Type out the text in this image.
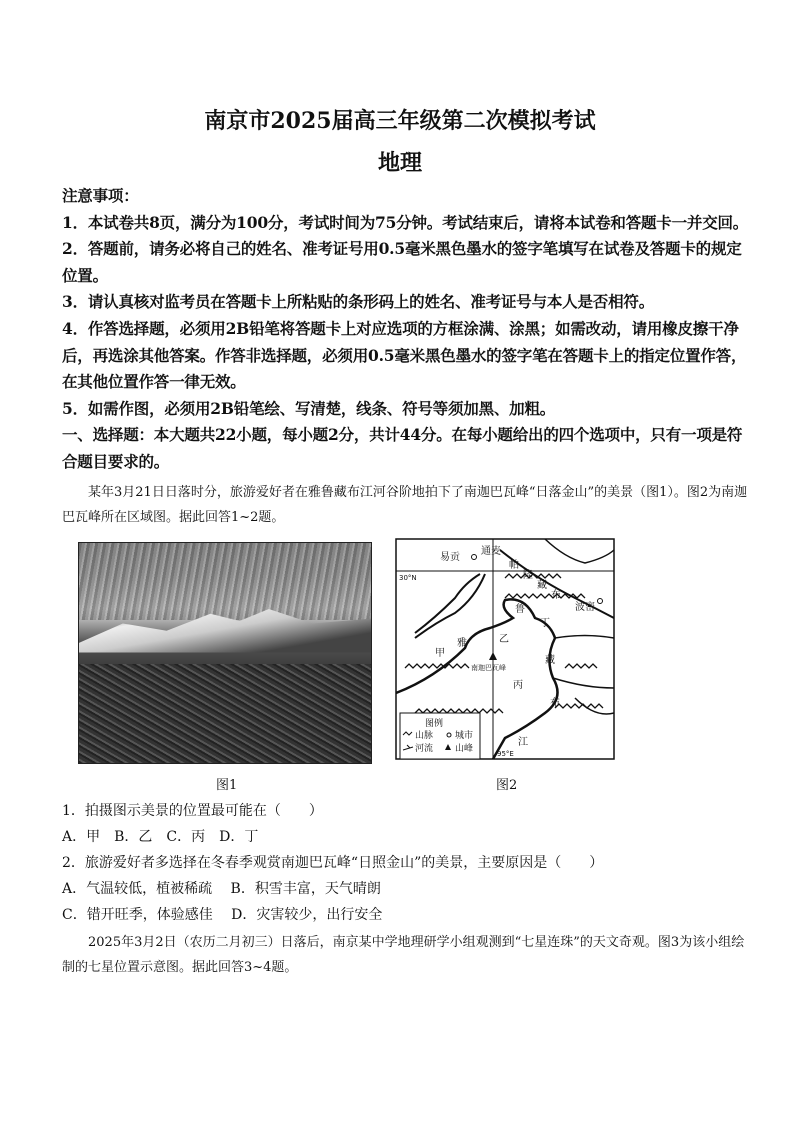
南京市2025届高三年级第二次模拟考试
地理
注意事项：
1．本试卷共8页，满分为100分，考试时间为75分钟。考试结束后，请将本试卷和答题卡一并交回。
2．答题前，请务必将自己的姓名、准考证号用0.5毫米黑色墨水的签字笔填写在试卷及答题卡的规定位置。
3．请认真核对监考员在答题卡上所粘贴的条形码上的姓名、准考证号与本人是否相符。
4．作答选择题，必须用2B铅笔将答题卡上对应选项的方框涂满、涂黑；如需改动，请用橡皮擦干净后，再选涂其他答案。作答非选择题，必须用0.5毫米黑色墨水的签字笔在答题卡上的指定位置作答，在其他位置作答一律无效。
5．如需作图，必须用2B铅笔绘、写清楚，线条、符号等须加黑、加粗。
一、选择题：本大题共22小题，每小题2分，共计44分。在每小题给出的四个选项中，只有一项是符合题目要求的。
某年3月21日日落时分，旅游爱好者在雅鲁藏布江河谷阶地拍下了南迦巴瓦峰“日落金山”的美景（图1）。图2为南迦巴瓦峰所在区域图。据此回答1~2题。
易贡
波密
通麦
帕
隆
藏
布
甲
乙
丙
丁
雅
鲁
藏
布
江
南迦巴瓦峰
30°N
95°E
图例
山脉 城市
河流 山峰
图1	图2
1．拍摄图示美景的位置最可能在（　　）
A．甲　B．乙　C．丙　D．丁
2．旅游爱好者多选择在冬春季观赏南迦巴瓦峰“日照金山”的美景，主要原因是（　　）
A．气温较低，植被稀疏　 B．积雪丰富，天气晴朗
C．错开旺季，体验感佳　 D．灾害较少，出行安全
2025年3月2日（农历二月初三）日落后，南京某中学地理研学小组观测到“七星连珠”的天文奇观。图3为该小组绘制的七星位置示意图。据此回答3~4题。
